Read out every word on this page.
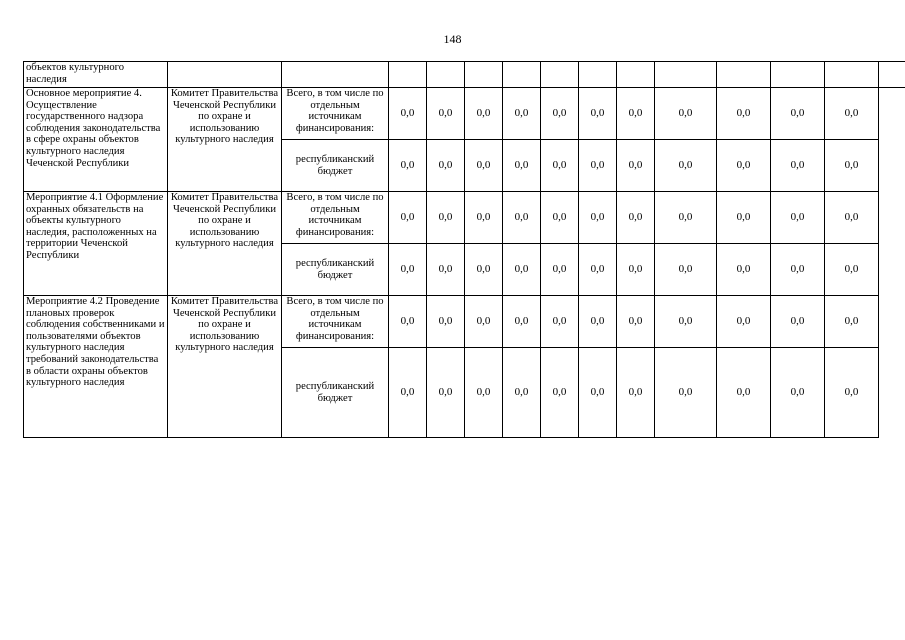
148
объектов культурного наследия														
Основное мероприятие 4. Осуществление государственного надзора соблюдения законодательства в сфере охраны объектов культурного наследия Чеченской Республики	Комитет Правительства Чеченской Республики по охране и использованию культурного наследия	Всего, в том числе по отдельным источникам финансирования:	0,0	0,0	0,0	0,0	0,0	0,0	0,0	0,0	0,0	0,0	0,0	
		республиканский бюджет	0,0	0,0	0,0	0,0	0,0	0,0	0,0	0,0	0,0	0,0	0,0	
Мероприятие 4.1 Оформление охранных обязательств на объекты культурного наследия, расположенных на территории Чеченской Республики	Комитет Правительства Чеченской Республики по охране и использованию культурного наследия	Всего, в том числе по отдельным источникам финансирования:	0,0	0,0	0,0	0,0	0,0	0,0	0,0	0,0	0,0	0,0	0,0	
		республиканский бюджет	0,0	0,0	0,0	0,0	0,0	0,0	0,0	0,0	0,0	0,0	0,0	
Мероприятие 4.2 Проведение плановых проверок соблюдения собственниками и пользователями объектов культурного наследия требований законодательства в области охраны объектов культурного наследия	Комитет Правительства Чеченской Республики по охране и использованию культурного наследия	Всего, в том числе по отдельным источникам финансирования:	0,0	0,0	0,0	0,0	0,0	0,0	0,0	0,0	0,0	0,0	0,0	
		республиканский бюджет	0,0	0,0	0,0	0,0	0,0	0,0	0,0	0,0	0,0	0,0	0,0	
